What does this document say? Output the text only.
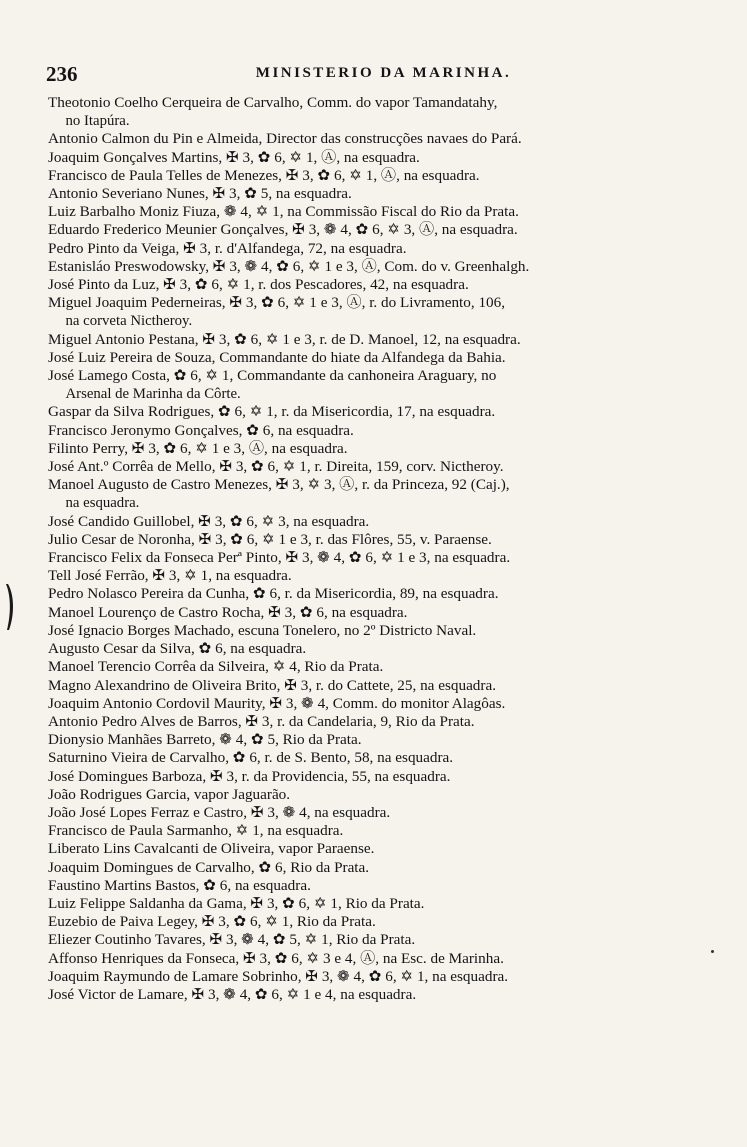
236	MINISTERIO DA MARINHA.
Theotonio Coelho Cerqueira de Carvalho, Comm. do vapor Tamandatahy,
no Itapúra.
Antonio Calmon du Pin e Almeida, Director das construcções navaes do Pará.
Joaquim Gonçalves Martins, ✠ 3, ✿ 6, ✡ 1, Ⓐ, na esquadra.
Francisco de Paula Telles de Menezes, ✠ 3, ✿ 6, ✡ 1, Ⓐ, na esquadra.
Antonio Severiano Nunes, ✠ 3, ✿ 5, na esquadra.
Luiz Barbalho Moniz Fiuza, ❁ 4, ✡ 1, na Commissão Fiscal do Rio da Prata.
Eduardo Frederico Meunier Gonçalves, ✠ 3, ❁ 4, ✿ 6, ✡ 3, Ⓐ, na esquadra.
Pedro Pinto da Veiga, ✠ 3, r. d'Alfandega, 72, na esquadra.
Estanisláo Preswodowsky, ✠ 3, ❁ 4, ✿ 6, ✡ 1 e 3, Ⓐ, Com. do v. Greenhalgh.
José Pinto da Luz, ✠ 3, ✿ 6, ✡ 1, r. dos Pescadores, 42, na esquadra.
Miguel Joaquim Pederneiras, ✠ 3, ✿ 6, ✡ 1 e 3, Ⓐ, r. do Livramento, 106,
na corveta Nictheroy.
Miguel Antonio Pestana, ✠ 3, ✿ 6, ✡ 1 e 3, r. de D. Manoel, 12, na esquadra.
José Luiz Pereira de Souza, Commandante do hiate da Alfandega da Bahia.
José Lamego Costa, ✿ 6, ✡ 1, Commandante da canhoneira Araguary, no
Arsenal de Marinha da Côrte.
Gaspar da Silva Rodrigues, ✿ 6, ✡ 1, r. da Misericordia, 17, na esquadra.
Francisco Jeronymo Gonçalves, ✿ 6, na esquadra.
Filinto Perry, ✠ 3, ✿ 6, ✡ 1 e 3, Ⓐ, na esquadra.
José Ant.º Corrêa de Mello, ✠ 3, ✿ 6, ✡ 1, r. Direita, 159, corv. Nictheroy.
Manoel Augusto de Castro Menezes, ✠ 3, ✡ 3, Ⓐ, r. da Princeza, 92 (Caj.),
na esquadra.
José Candido Guillobel, ✠ 3, ✿ 6, ✡ 3, na esquadra.
Julio Cesar de Noronha, ✠ 3, ✿ 6, ✡ 1 e 3, r. das Flôres, 55, v. Paraense.
Francisco Felix da Fonseca Perª Pinto, ✠ 3, ❁ 4, ✿ 6, ✡ 1 e 3, na esquadra.
Tell José Ferrão, ✠ 3, ✡ 1, na esquadra.
Pedro Nolasco Pereira da Cunha, ✿ 6, r. da Misericordia, 89, na esquadra.
Manoel Lourenço de Castro Rocha, ✠ 3, ✿ 6, na esquadra.
José Ignacio Borges Machado, escuna Tonelero, no 2º Districto Naval.
Augusto Cesar da Silva, ✿ 6, na esquadra.
Manoel Terencio Corrêa da Silveira, ✡ 4, Rio da Prata.
Magno Alexandrino de Oliveira Brito, ✠ 3, r. do Cattete, 25, na esquadra.
Joaquim Antonio Cordovil Maurity, ✠ 3, ❁ 4, Comm. do monitor Alagôas.
Antonio Pedro Alves de Barros, ✠ 3, r. da Candelaria, 9, Rio da Prata.
Dionysio Manhães Barreto, ❁ 4, ✿ 5, Rio da Prata.
Saturnino Vieira de Carvalho, ✿ 6, r. de S. Bento, 58, na esquadra.
José Domingues Barboza, ✠ 3, r. da Providencia, 55, na esquadra.
João Rodrigues Garcia, vapor Jaguarão.
João José Lopes Ferraz e Castro, ✠ 3, ❁ 4, na esquadra.
Francisco de Paula Sarmanho, ✡ 1, na esquadra.
Liberato Lins Cavalcanti de Oliveira, vapor Paraense.
Joaquim Domingues de Carvalho, ✿ 6, Rio da Prata.
Faustino Martins Bastos, ✿ 6, na esquadra.
Luiz Felippe Saldanha da Gama, ✠ 3, ✿ 6, ✡ 1, Rio da Prata.
Euzebio de Paiva Legey, ✠ 3, ✿ 6, ✡ 1, Rio da Prata.
Eliezer Coutinho Tavares, ✠ 3, ❁ 4, ✿ 5, ✡ 1, Rio da Prata.
Affonso Henriques da Fonseca, ✠ 3, ✿ 6, ✡ 3 e 4, Ⓐ, na Esc. de Marinha.
Joaquim Raymundo de Lamare Sobrinho, ✠ 3, ❁ 4, ✿ 6, ✡ 1, na esquadra.
José Victor de Lamare, ✠ 3, ❁ 4, ✿ 6, ✡ 1 e 4, na esquadra.
